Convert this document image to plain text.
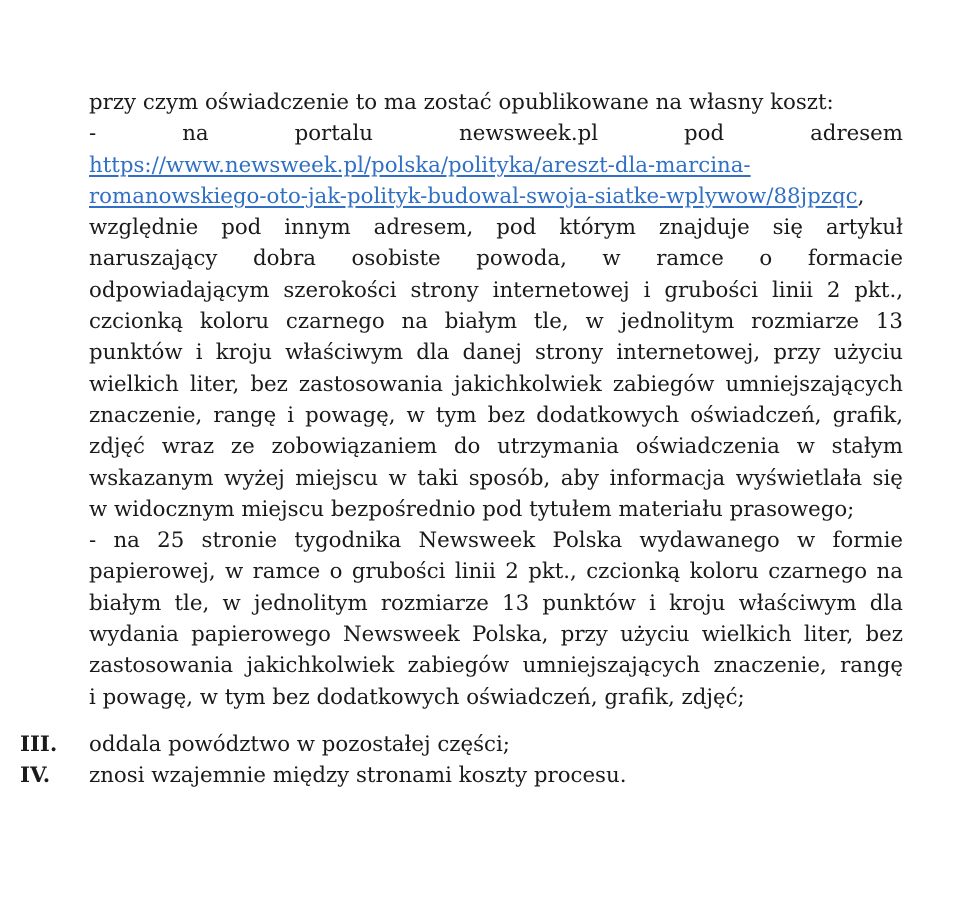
przy czym oświadczenie to ma zostać opublikowane na własny koszt:
-	na	portalu	newsweek.pl	pod	adresem
https://www.newsweek.pl/polska/polityka/areszt-dla-marcina-
romanowskiego-oto-jak-polityk-budowal-swoja-siatke-wplywow/88jpzqc,
względnie pod innym adresem, pod którym znajduje się artykuł
naruszający dobra osobiste powoda, w ramce o formacie
odpowiadającym szerokości strony internetowej i grubości linii 2 pkt.,
czcionką koloru czarnego na białym tle, w jednolitym rozmiarze 13
punktów i kroju właściwym dla danej strony internetowej, przy użyciu
wielkich liter, bez zastosowania jakichkolwiek zabiegów umniejszających
znaczenie, rangę i powagę, w tym bez dodatkowych oświadczeń, grafik,
zdjęć wraz ze zobowiązaniem do utrzymania oświadczenia w stałym
wskazanym wyżej miejscu w taki sposób, aby informacja wyświetlała się
w widocznym miejscu bezpośrednio pod tytułem materiału prasowego;
- na 25 stronie tygodnika Newsweek Polska wydawanego w formie
papierowej, w ramce o grubości linii 2 pkt., czcionką koloru czarnego na
białym tle, w jednolitym rozmiarze 13 punktów i kroju właściwym dla
wydania papierowego Newsweek Polska, przy użyciu wielkich liter, bez
zastosowania jakichkolwiek zabiegów umniejszających znaczenie, rangę
i powagę, w tym bez dodatkowych oświadczeń, grafik, zdjęć;
III. oddala powództwo w pozostałej części;
IV. znosi wzajemnie między stronami koszty procesu.
